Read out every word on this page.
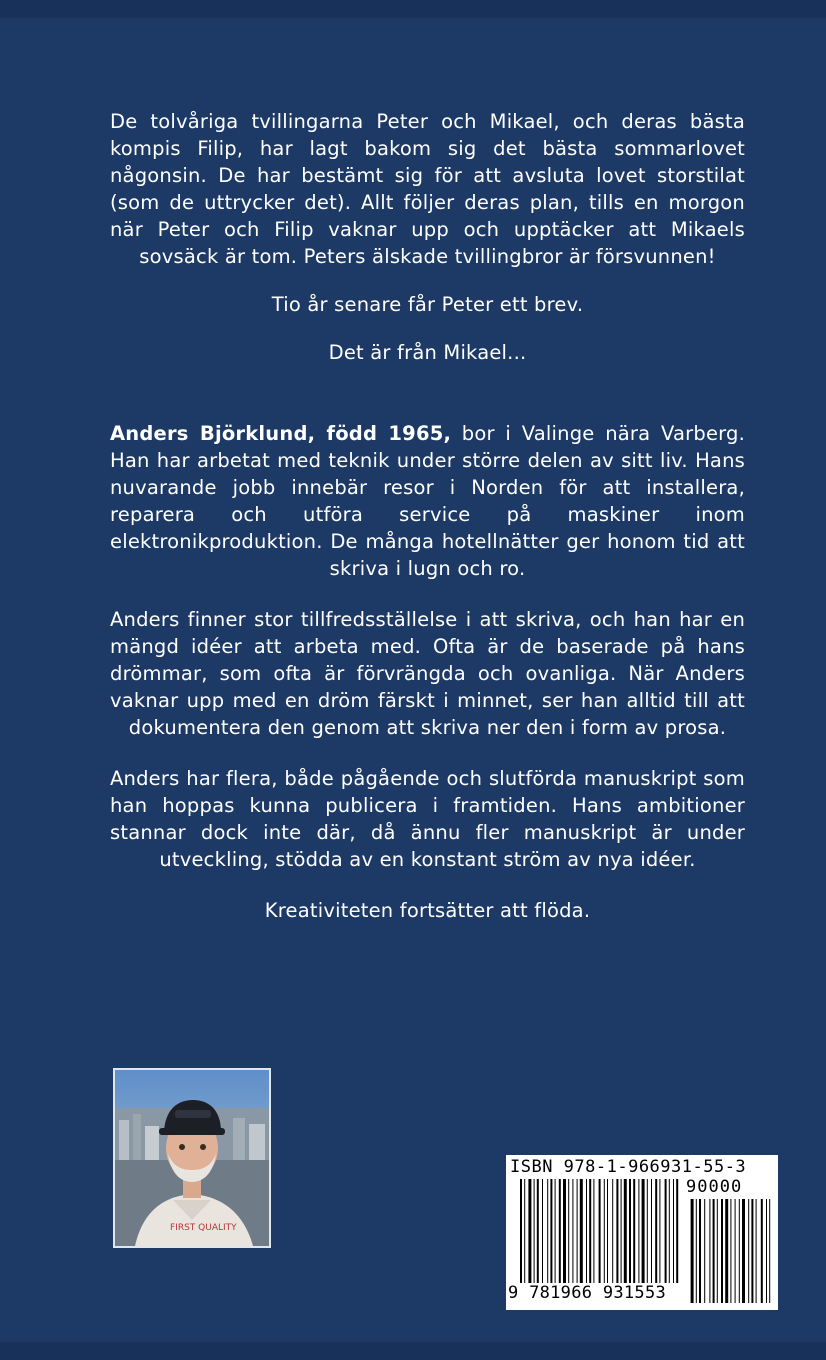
De tolvåriga tvillingarna Peter och Mikael, och deras bästa kompis Filip, har lagt bakom sig det bästa sommarlovet någonsin. De har bestämt sig för att avsluta lovet storstilat (som de uttrycker det). Allt följer deras plan, tills en morgon när Peter och Filip vaknar upp och upptäcker att Mikaels sovsäck är tom. Peters älskade tvillingbror är försvunnen!

Tio år senare får Peter ett brev.

Det är från Mikael...

Anders Björklund, född 1965, bor i Valinge nära Varberg. Han har arbetat med teknik under större delen av sitt liv. Hans nuvarande jobb innebär resor i Norden för att installera, reparera och utföra service på maskiner inom elektronikproduktion. De många hotellnätter ger honom tid att skriva i lugn och ro.

Anders finner stor tillfredsställelse i att skriva, och han har en mängd idéer att arbeta med. Ofta är de baserade på hans drömmar, som ofta är förvrängda och ovanliga. När Anders vaknar upp med en dröm färskt i minnet, ser han alltid till att dokumentera den genom att skriva ner den i form av prosa.

Anders har flera, både pågående och slutförda manuskript som han hoppas kunna publicera i framtiden. Hans ambitioner stannar dock inte där, då ännu fler manuskript är under utveckling, stödda av en konstant ström av nya idéer.

Kreativiteten fortsätter att flöda.

FIRST QUALITY
ISBN 978-1-966931-55-3
90000
9 781966 931553
